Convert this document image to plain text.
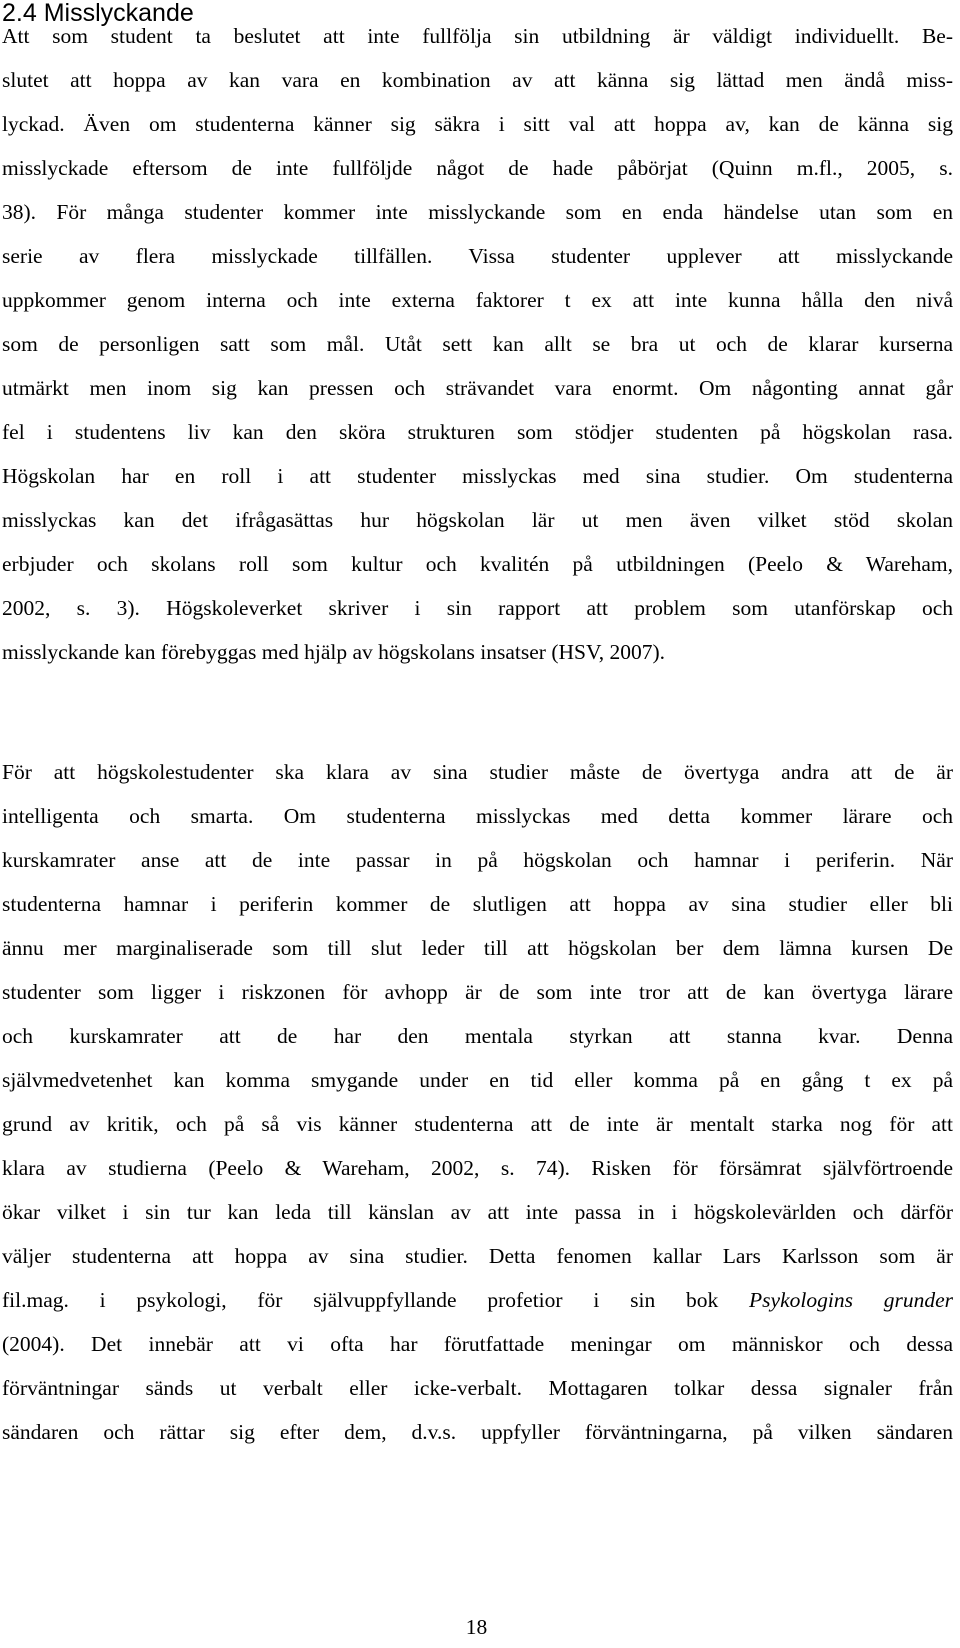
2.4 Misslyckande
Att som student ta beslutet att inte fullfölja sin utbildning är väldigt individuellt. Be-
slutet att hoppa av kan vara en kombination av att känna sig lättad men ändå miss-
lyckad. Även om studenterna känner sig säkra i sitt val att hoppa av, kan de känna sig
misslyckade eftersom de inte fullföljde något de hade påbörjat (Quinn m.fl., 2005, s.
38). För många studenter kommer inte misslyckande som en enda händelse utan som en
serie av flera misslyckade tillfällen. Vissa studenter upplever att misslyckande
uppkommer genom interna och inte externa faktorer t ex att inte kunna hålla den nivå
som de personligen satt som mål. Utåt sett kan allt se bra ut och de klarar kurserna
utmärkt men inom sig kan pressen och strävandet vara enormt. Om någonting annat går
fel i studentens liv kan den sköra strukturen som stödjer studenten på högskolan rasa.
Högskolan har en roll i att studenter misslyckas med sina studier. Om studenterna
misslyckas kan det ifrågasättas hur högskolan lär ut men även vilket stöd skolan
erbjuder och skolans roll som kultur och kvalitén på utbildningen (Peelo & Wareham,
2002, s. 3). Högskoleverket skriver i sin rapport att problem som utanförskap och
misslyckande kan förebyggas med hjälp av högskolans insatser (HSV, 2007).
För att högskolestudenter ska klara av sina studier måste de övertyga andra att de är
intelligenta och smarta. Om studenterna misslyckas med detta kommer lärare och
kurskamrater anse att de inte passar in på högskolan och hamnar i periferin. När
studenterna hamnar i periferin kommer de slutligen att hoppa av sina studier eller bli
ännu mer marginaliserade som till slut leder till att högskolan ber dem lämna kursen De
studenter som ligger i riskzonen för avhopp är de som inte tror att de kan övertyga lärare
och kurskamrater att de har den mentala styrkan att stanna kvar. Denna
självmedvetenhet kan komma smygande under en tid eller komma på en gång t ex på
grund av kritik, och på så vis känner studenterna att de inte är mentalt starka nog för att
klara av studierna (Peelo & Wareham, 2002, s. 74). Risken för försämrat självförtroende
ökar vilket i sin tur kan leda till känslan av att inte passa in i högskolevärlden och därför
väljer studenterna att hoppa av sina studier. Detta fenomen kallar Lars Karlsson som är
fil.mag. i psykologi, för självuppfyllande profetior i sin bok Psykologins grunder
(2004). Det innebär att vi ofta har förutfattade meningar om människor och dessa
förväntningar sänds ut verbalt eller icke-verbalt. Mottagaren tolkar dessa signaler från
sändaren och rättar sig efter dem, d.v.s. uppfyller förväntningarna, på vilken sändaren
18
